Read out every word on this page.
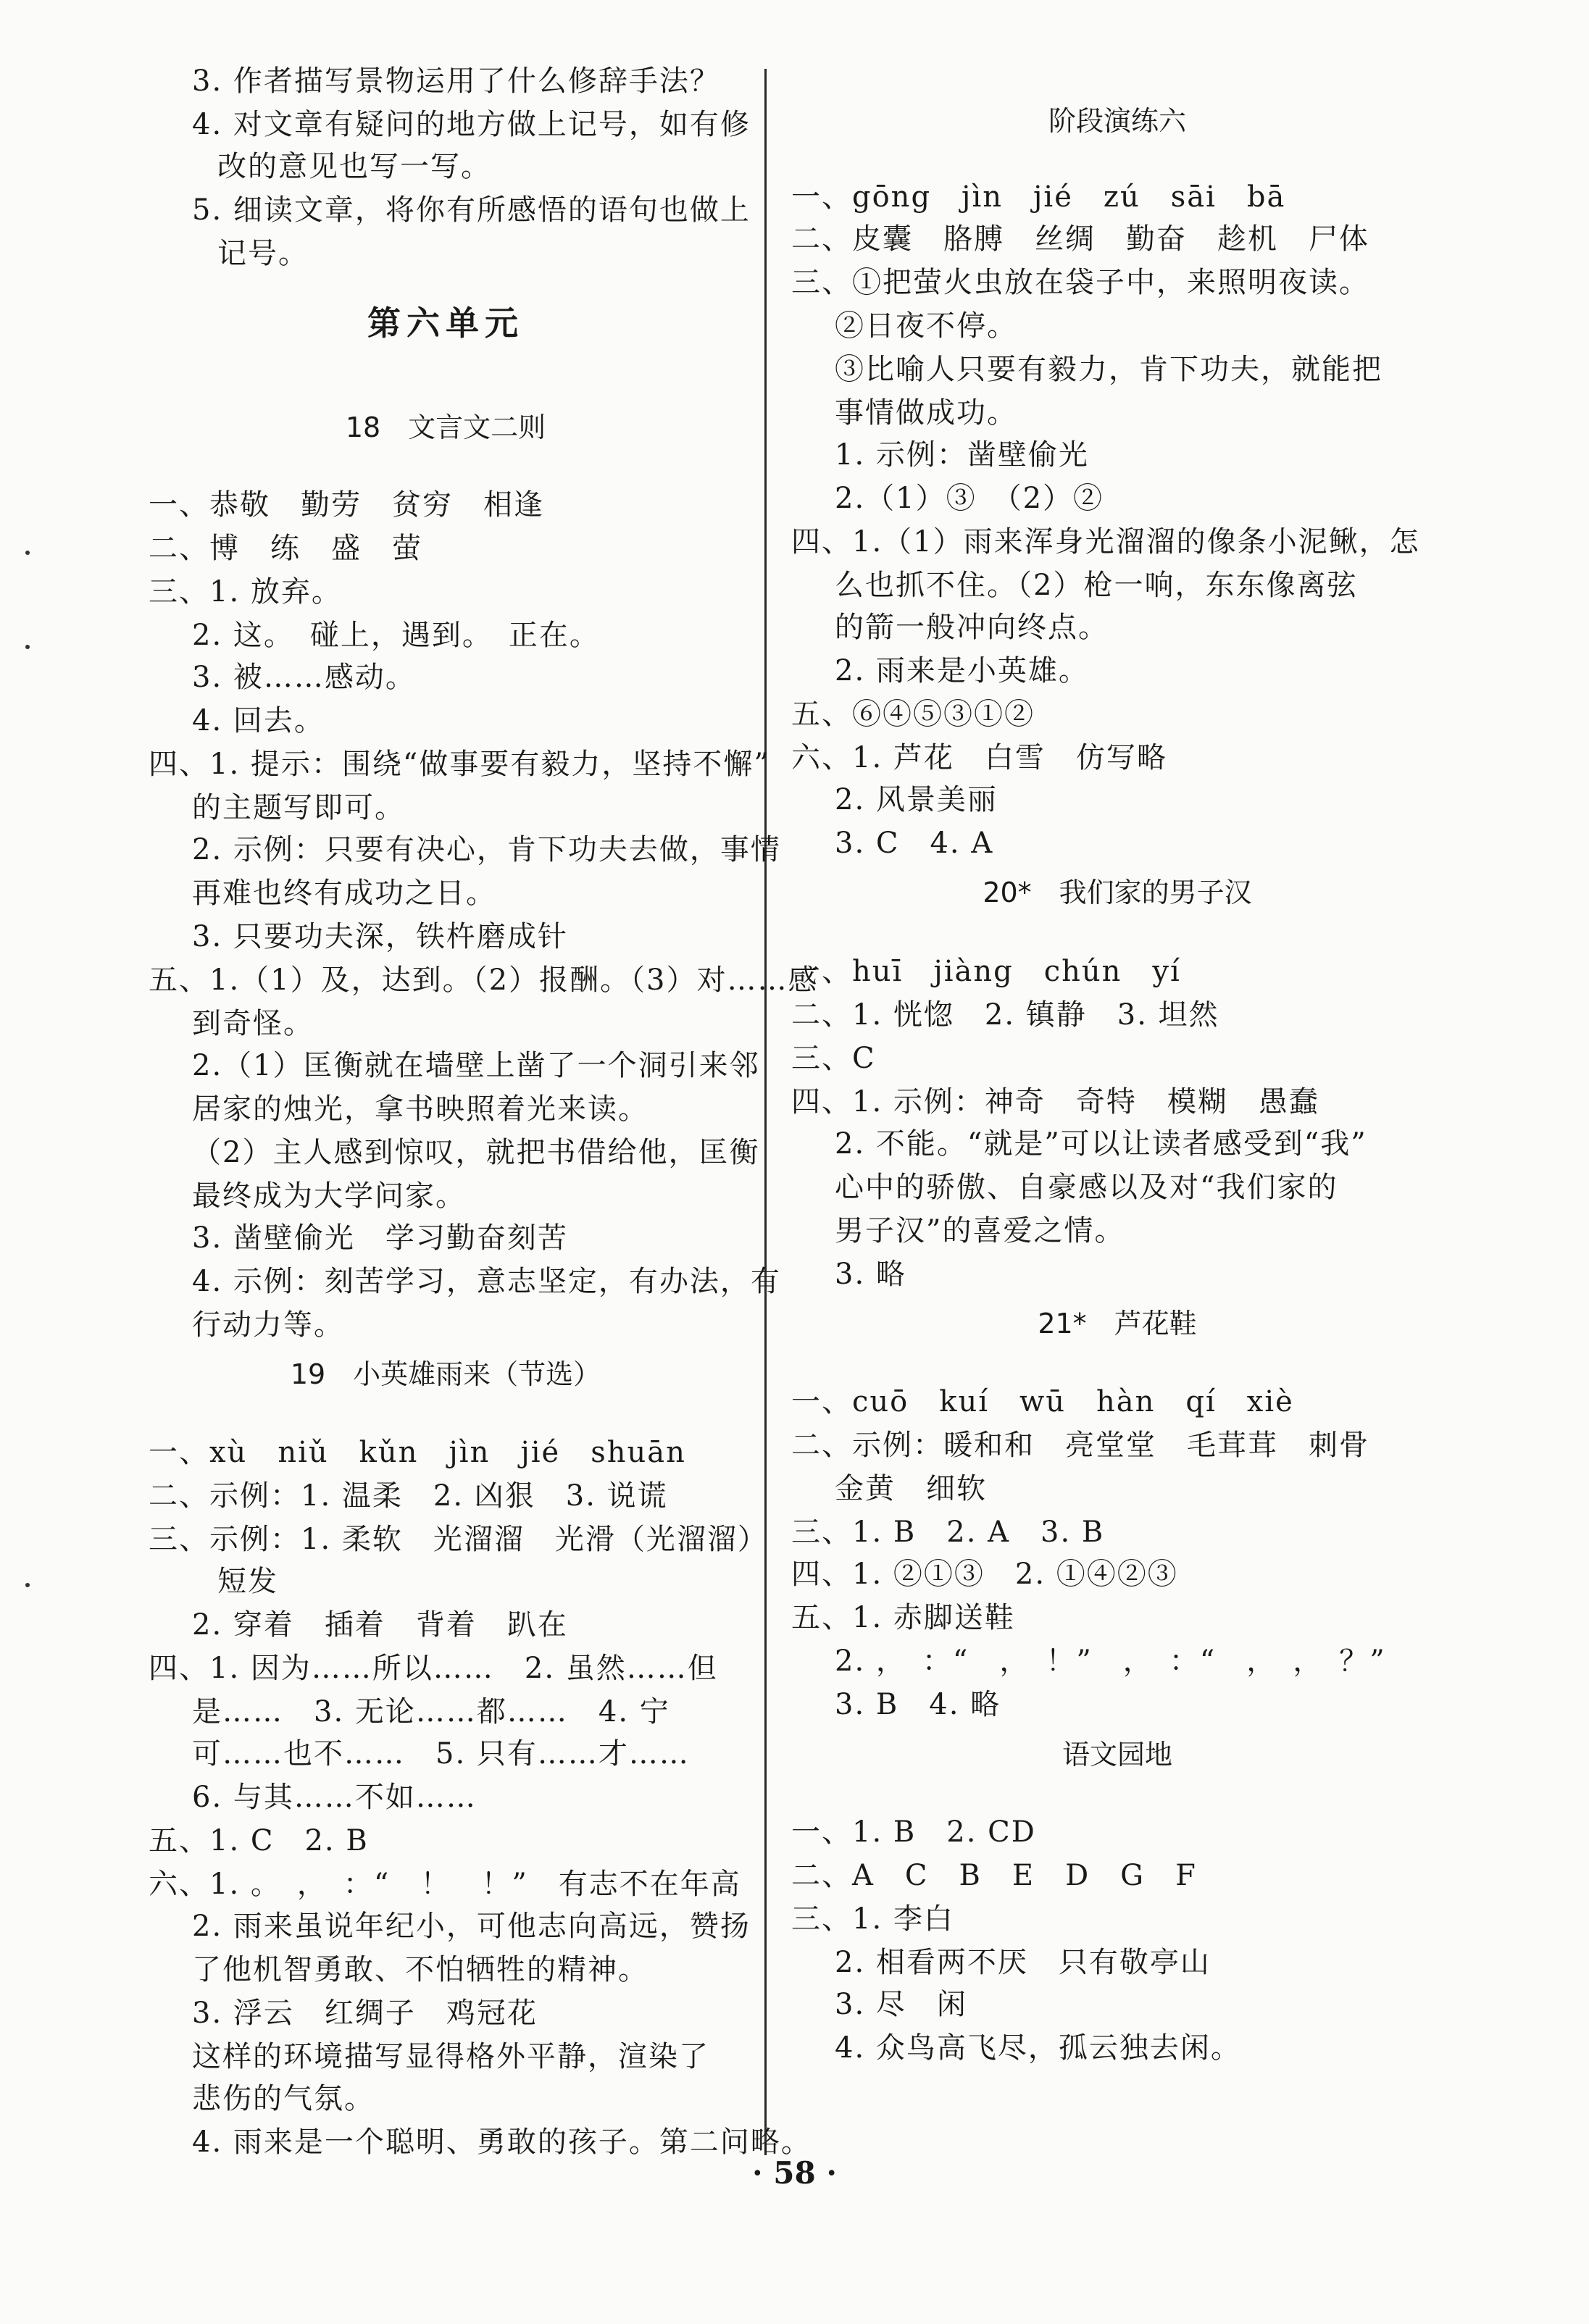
第六单元
18　文言文二则
19　小英雄雨来（节选）
3. 作者描写景物运用了什么修辞手法？
4. 对文章有疑问的地方做上记号，如有修
改的意见也写一写。
5. 细读文章，将你有所感悟的语句也做上
记号。
一、恭敬　勤劳　贫穷　相逢
二、博　练　盛　萤
三、1. 放弃。
2. 这。　碰上，遇到。　正在。
3. 被……感动。
4. 回去。
四、1. 提示：围绕“做事要有毅力，坚持不懈”
的主题写即可。
2. 示例：只要有决心，肯下功夫去做，事情
再难也终有成功之日。
3. 只要功夫深，铁杵磨成针
五、1.（1）及，达到。（2）报酬。（3）对……感
到奇怪。
2.（1）匡衡就在墙壁上凿了一个洞引来邻
居家的烛光，拿书映照着光来读。
（2）主人感到惊叹，就把书借给他，匡衡
最终成为大学问家。
3. 凿壁偷光　学习勤奋刻苦
4. 示例：刻苦学习，意志坚定，有办法，有
行动力等。
一、xù　niǔ　kǔn　jìn　jié　shuān
二、示例：1. 温柔　2. 凶狠　3. 说谎
三、示例：1. 柔软　光溜溜　光滑（光溜溜）
短发
2. 穿着　插着　背着　趴在
四、1. 因为……所以……　2. 虽然……但
是……　3. 无论……都……　4. 宁
可……也不……　5. 只有……才……
6. 与其……不如……
五、1. C　2. B
六、1. 。　，　：“　！　！”　有志不在年高
2. 雨来虽说年纪小，可他志向高远，赞扬
了他机智勇敢、不怕牺牲的精神。
3. 浮云　红绸子　鸡冠花
这样的环境描写显得格外平静，渲染了
悲伤的气氛。
4. 雨来是一个聪明、勇敢的孩子。第二问略。
阶段演练六
20*　我们家的男子汉
21*　芦花鞋
语文园地
一、gōng　jìn　jié　zú　sāi　bā
二、皮囊　胳膊　丝绸　勤奋　趁机　尸体
三、①把萤火虫放在袋子中，来照明夜读。
②日夜不停。
③比喻人只要有毅力，肯下功夫，就能把
事情做成功。
1. 示例：凿壁偷光
2.（1）③　（2）②
四、1.（1）雨来浑身光溜溜的像条小泥鳅，怎
么也抓不住。（2）枪一响，东东像离弦
的箭一般冲向终点。
2. 雨来是小英雄。
五、⑥④⑤③①②
六、1. 芦花　白雪　仿写略
2. 风景美丽
3. C　4. A
一、huī　jiàng　chún　yí
二、1. 恍惚　2. 镇静　3. 坦然
三、C
四、1. 示例：神奇　奇特　模糊　愚蠢
2. 不能。“就是”可以让读者感受到“我”
心中的骄傲、自豪感以及对“我们家的
男子汉”的喜爱之情。
3. 略
一、cuō　kuí　wū　hàn　qí　xiè
二、示例：暖和和　亮堂堂　毛茸茸　刺骨
金黄　细软
三、1. B　2. A　3. B
四、1. ②①③　2. ①④②③
五、1. 赤脚送鞋
2. ，　：“　，　！”　，　：“　，　，　？”
3. B　4. 略
一、1. B　2. CD
二、A　C　B　E　D　G　F
三、1. 李白
2. 相看两不厌　只有敬亭山
3. 尽　闲
4. 众鸟高飞尽，孤云独去闲。
· 58 ·
